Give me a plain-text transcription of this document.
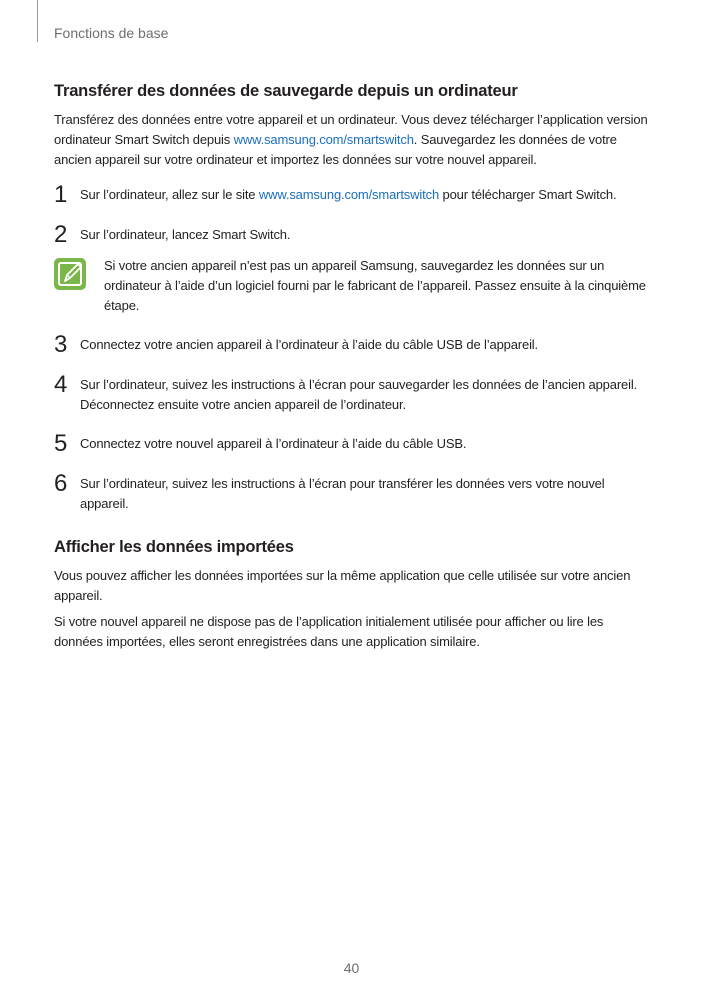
Fonctions de base
Transférer des données de sauvegarde depuis un ordinateur

Transférez des données entre votre appareil et un ordinateur. Vous devez télécharger l’application version ordinateur Smart Switch depuis www.samsung.com/smartswitch. Sauvegardez les données de votre ancien appareil sur votre ordinateur et importez les données sur votre nouvel appareil.

1 Sur l’ordinateur, allez sur le site www.samsung.com/smartswitch pour télécharger Smart Switch.
2 Sur l’ordinateur, lancez Smart Switch.
Si votre ancien appareil n’est pas un appareil Samsung, sauvegardez les données sur un ordinateur à l’aide d’un logiciel fourni par le fabricant de l’appareil. Passez ensuite à la cinquième étape.
3 Connectez votre ancien appareil à l’ordinateur à l’aide du câble USB de l’appareil.
4 Sur l’ordinateur, suivez les instructions à l’écran pour sauvegarder les données de l’ancien appareil. Déconnectez ensuite votre ancien appareil de l’ordinateur.
5 Connectez votre nouvel appareil à l’ordinateur à l’aide du câble USB.
6 Sur l’ordinateur, suivez les instructions à l’écran pour transférer les données vers votre nouvel appareil.
Afficher les données importées

Vous pouvez afficher les données importées sur la même application que celle utilisée sur votre ancien appareil.

Si votre nouvel appareil ne dispose pas de l’application initialement utilisée pour afficher ou lire les données importées, elles seront enregistrées dans une application similaire.

40
